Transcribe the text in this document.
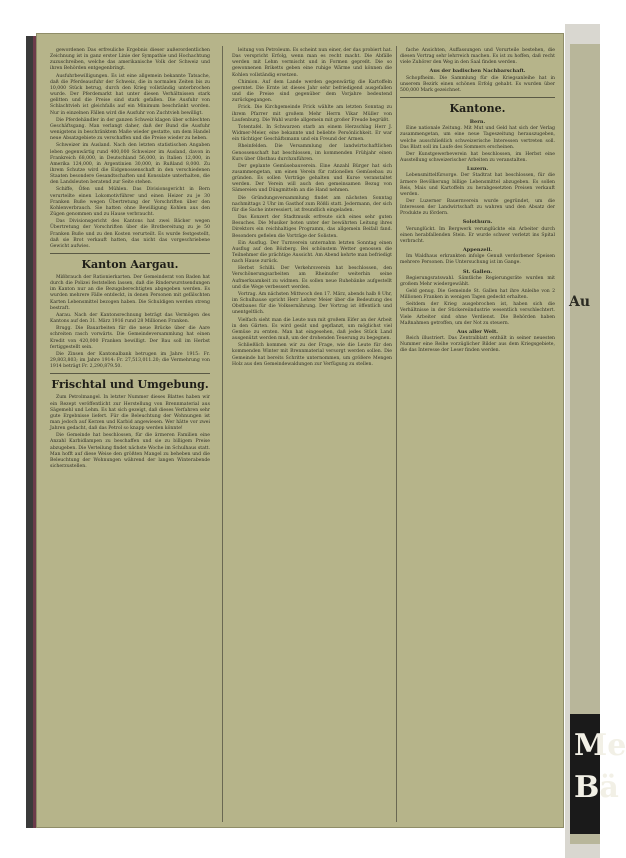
Au
Me
Bä

gewordenen Das erfreuliche Ergebnis dieser außerordentlichen Zeichnung ist in ganz erster Linie der Sympathie und Hochachtung zuzuschreiben, welche das amerikanische Volk der Schweiz und ihren Behörden entgegenbringt.

Ausfuhrbewilligungen. Es ist eine allgemein bekannte Tatsache, daß die Pferdeausfuhr der Schweiz, die in normalen Zeiten bis zu 10,000 Stück betrug, durch den Krieg vollständig unterbrochen wurde. Der Pferdemarkt hat unter diesen Verhältnissen stark gelitten und die Preise sind stark gefallen. Die Ausfuhr von Schlachtvieh ist gleichfalls auf ein Minimum beschränkt worden. Nur in einzelnen Fällen wird die Ausfuhr von Zuchtvieh bewilligt.

Die Pferdehändler in der ganzen Schweiz klagen über schlechten Geschäftsgang. Man verlangt daher, daß der Bund die Ausfuhr wenigstens in beschränktem Maße wieder gestatte, um dem Handel neue Absatzgebiete zu verschaffen und die Preise wieder zu heben.

Schweizer im Ausland. Nach den letzten statistischen Angaben leben gegenwärtig rund 400,000 Schweizer im Ausland, davon in Frankreich 68,000, in Deutschland 56,000, in Italien 12,000, in Amerika 124,000, in Argentinien 30,000, in Rußland 8,000. Zu ihrem Schutze wird die Eidgenossenschaft in den verschiedenen Staaten besondere Gesandtschaften und Konsulate unterhalten, die den Landsleuten beratend zur Seite stehen.

Schiffe, Öfen und Mühlen. Das Divisionsgericht in Bern verurteilte einen Lokomotivführer und einen Heizer zu je 30 Franken Buße wegen Übertretung der Vorschriften über den Kohlenverbrauch. Sie hatten ohne Bewilligung Kohlen aus den Zügen genommen und zu Hause verbraucht.

Das Divisionsgericht des Kantons hat zwei Bäcker wegen Übertretung der Vorschriften über die Brotbereitung zu je 50 Franken Buße und zu den Kosten verurteilt. Es wurde festgestellt, daß sie Brot verkauft hatten, das nicht das vorgeschriebene Gewicht aufwies.

Kanton Aargau.

Mißbrauch der Rationierkarten. Der Gemeinderat von Baden hat durch die Polizei feststellen lassen, daß die Rinderwurstsendungen im Kanton nur an die Bezugsberechtigten abgegeben werden. Es wurden mehrere Fälle entdeckt, in denen Personen mit gefälschten Karten Lebensmittel bezogen haben. Die Schuldigen werden streng bestraft.

Aarau. Nach der Kantonsrechnung beträgt das Vermögen des Kantons auf den 31. März 1916 rund 28 Millionen Franken.

Brugg. Die Bauarbeiten für die neue Brücke über die Aare schreiten rasch vorwärts. Die Gemeindeversammlung hat einen Kredit von 420,000 Franken bewilligt. Der Bau soll im Herbst fertiggestellt sein.

Die Zinsen der Kantonalbank betrugen im Jahre 1915: Fr. 29,803,803; im Jahre 1914: Fr. 27,513,011.20; die Vermehrung von 1914 beträgt Fr. 2,290,879.50.

Frischtal und Umgebung.

Zum Petrolmangel. In letzter Nummer dieses Blattes haben wir ein Rezept veröffentlicht zur Herstellung von Brennmaterial aus Sägemehl und Lehm. Es hat sich gezeigt, daß dieses Verfahren sehr gute Ergebnisse liefert. Für die Beleuchtung der Wohnungen ist man jedoch auf Kerzen und Karbid angewiesen. Wer hätte vor zwei Jahren gedacht, daß das Petrol so knapp werden könnte!

Die Gemeinde hat beschlossen, für die ärmeren Familien eine Anzahl Karbidlampen zu beschaffen und sie zu billigem Preise abzugeben. Die Verteilung findet nächste Woche im Schulhaus statt. Man hofft auf diese Weise den größten Mangel zu beheben und die Beleuchtung der Wohnungen während der langen Winterabende sicherzustellen.

leitung von Petroleum. Es scheint nun einer, der das probiert hat. Das verspricht Erfolg, wenn man es recht macht. Die Abfälle werden mit Lehm vermischt und in Formen gepreßt. Die so gewonnenen Briketts geben eine ruhige Wärme und können die Kohlen vollständig ersetzen.

Chimion. Auf dem Lande werden gegenwärtig die Kartoffeln geerntet. Die Ernte ist dieses Jahr sehr befriedigend ausgefallen und die Preise sind gegenüber dem Vorjahre bedeutend zurückgegangen.

Frick. Die Kirchgemeinde Frick wählte am letzten Sonntag zu ihrem Pfarrer mit großem Mehr Herrn Vikar Müller von Laufenburg. Die Wahl wurde allgemein mit großer Freude begrüßt.

Totentafel. In Schwarzen starb an einem Herzschlag Herr J. Widmer-Meier, eine bekannte und beliebte Persönlichkeit. Er war ein tüchtiger Geschäftsmann und ein Freund der Armen.

Rheinfelden. Die Versammlung der landwirtschaftlichen Genossenschaft hat beschlossen, im kommenden Frühjahr einen Kurs über Obstbau durchzuführen.

Der geplante Gemüsebauverein. Eine Anzahl Bürger hat sich zusammengetan, um einen Verein für rationellen Gemüsebau zu gründen. Es sollen Vorträge gehalten und Kurse veranstaltet werden. Der Verein will auch den gemeinsamen Bezug von Sämereien und Düngmitteln an die Hand nehmen.

Die Gründungsversammlung findet am nächsten Sonntag nachmittags 2 Uhr im Gasthof zum Rößli statt. Jedermann, der sich für die Sache interessiert, ist freundlich eingeladen.

Das Konzert der Stadtmusik erfreute sich eines sehr guten Besuches. Die Musiker boten unter der bewährten Leitung ihres Direktors ein reichhaltiges Programm, das allgemein Beifall fand. Besonders gefielen die Vorträge der Solisten.

Ein Ausflug. Der Turnverein unternahm letzten Sonntag einen Ausflug auf den Bözberg. Bei schönstem Wetter genossen die Teilnehmer die prächtige Aussicht. Am Abend kehrte man befriedigt nach Hause zurück.

Herbst Schilli. Der Verkehrsverein hat beschlossen, den Verschönerungsarbeiten am Rheinufer weiterhin seine Aufmerksamkeit zu widmen. Es sollen neue Ruhebänke aufgestellt und die Wege verbessert werden.

Vortrag. Am nächsten Mittwoch den 17. März, abends halb 8 Uhr, im Schulhause spricht Herr Lehrer Meier über die Bedeutung des Obstbaues für die Volksernährung. Der Vortrag ist öffentlich und unentgeltlich.

Vielfach sieht man die Leute nun mit großem Eifer an der Arbeit in den Gärten. Es wird gesät und gepflanzt, um möglichst viel Gemüse zu ernten. Man hat eingesehen, daß jedes Stück Land ausgenützt werden muß, um der drohenden Teuerung zu begegnen.

Schließlich kommen wir zu der Frage, wie die Leute für den kommenden Winter mit Brennmaterial versorgt werden sollen. Die Gemeinde hat bereits Schritte unternommen, um größere Mengen Holz aus den Gemeindewaldungen zur Verfügung zu stellen.

fache Ansichten, Auffassungen und Vorurteile bestehen, die diesen Vortrag sehr lehrreich machen. Es ist zu hoffen, daß recht viele Zuhörer den Weg in den Saal finden werden.

Aus der badischen Nachbarschaft.

Schopfheim. Die Sammlung für die Kriegsanleihe hat in unserem Bezirk einen schönen Erfolg gehabt. Es wurden über 500,000 Mark gezeichnet.

Kantone.
Bern.

Eine nationale Zeitung. Mit Mut und Geld hat sich der Verlag zusammengetan, um eine neue Tageszeitung herauszugeben, welche ausschließlich schweizerische Interessen vertreten soll. Das Blatt soll im Laufe des Sommers erscheinen.

Der Kunstgewerbeverein hat beschlossen, im Herbst eine Ausstellung schweizerischer Arbeiten zu veranstalten.

Luzern.

Lebensmittelfürsorge. Der Stadtrat hat beschlossen, für die ärmere Bevölkerung billige Lebensmittel abzugeben. Es sollen Reis, Mais und Kartoffeln zu herabgesetzten Preisen verkauft werden.

Der Luzerner Bauernverein wurde gegründet, um die Interessen der Landwirtschaft zu wahren und den Absatz der Produkte zu fördern.

Solothurn.

Verunglückt. Im Bergwerk verunglückte ein Arbeiter durch einen herabfallenden Stein. Er wurde schwer verletzt ins Spital verbracht.

Appenzell.

Im Waldhaus erkrankten infolge Genuß verdorbener Speisen mehrere Personen. Die Untersuchung ist im Gange.

St. Gallen.

Regierungsratswahl. Sämtliche Regierungsräte wurden mit großem Mehr wiedergewählt.

Geld genug. Die Gemeinde St. Gallen hat ihre Anleihe von 2 Millionen Franken in wenigen Tagen gedeckt erhalten.

Seitdem der Krieg ausgebrochen ist, haben sich die Verhältnisse in der Stickereiindustrie wesentlich verschlechtert. Viele Arbeiter sind ohne Verdienst. Die Behörden haben Maßnahmen getroffen, um der Not zu steuern.

Aus aller Welt.

Reich illustriert. Das Zentralblatt enthält in seiner neuesten Nummer eine Reihe vorzüglicher Bilder aus dem Kriegsgebiete, die das Interesse der Leser finden werden.
